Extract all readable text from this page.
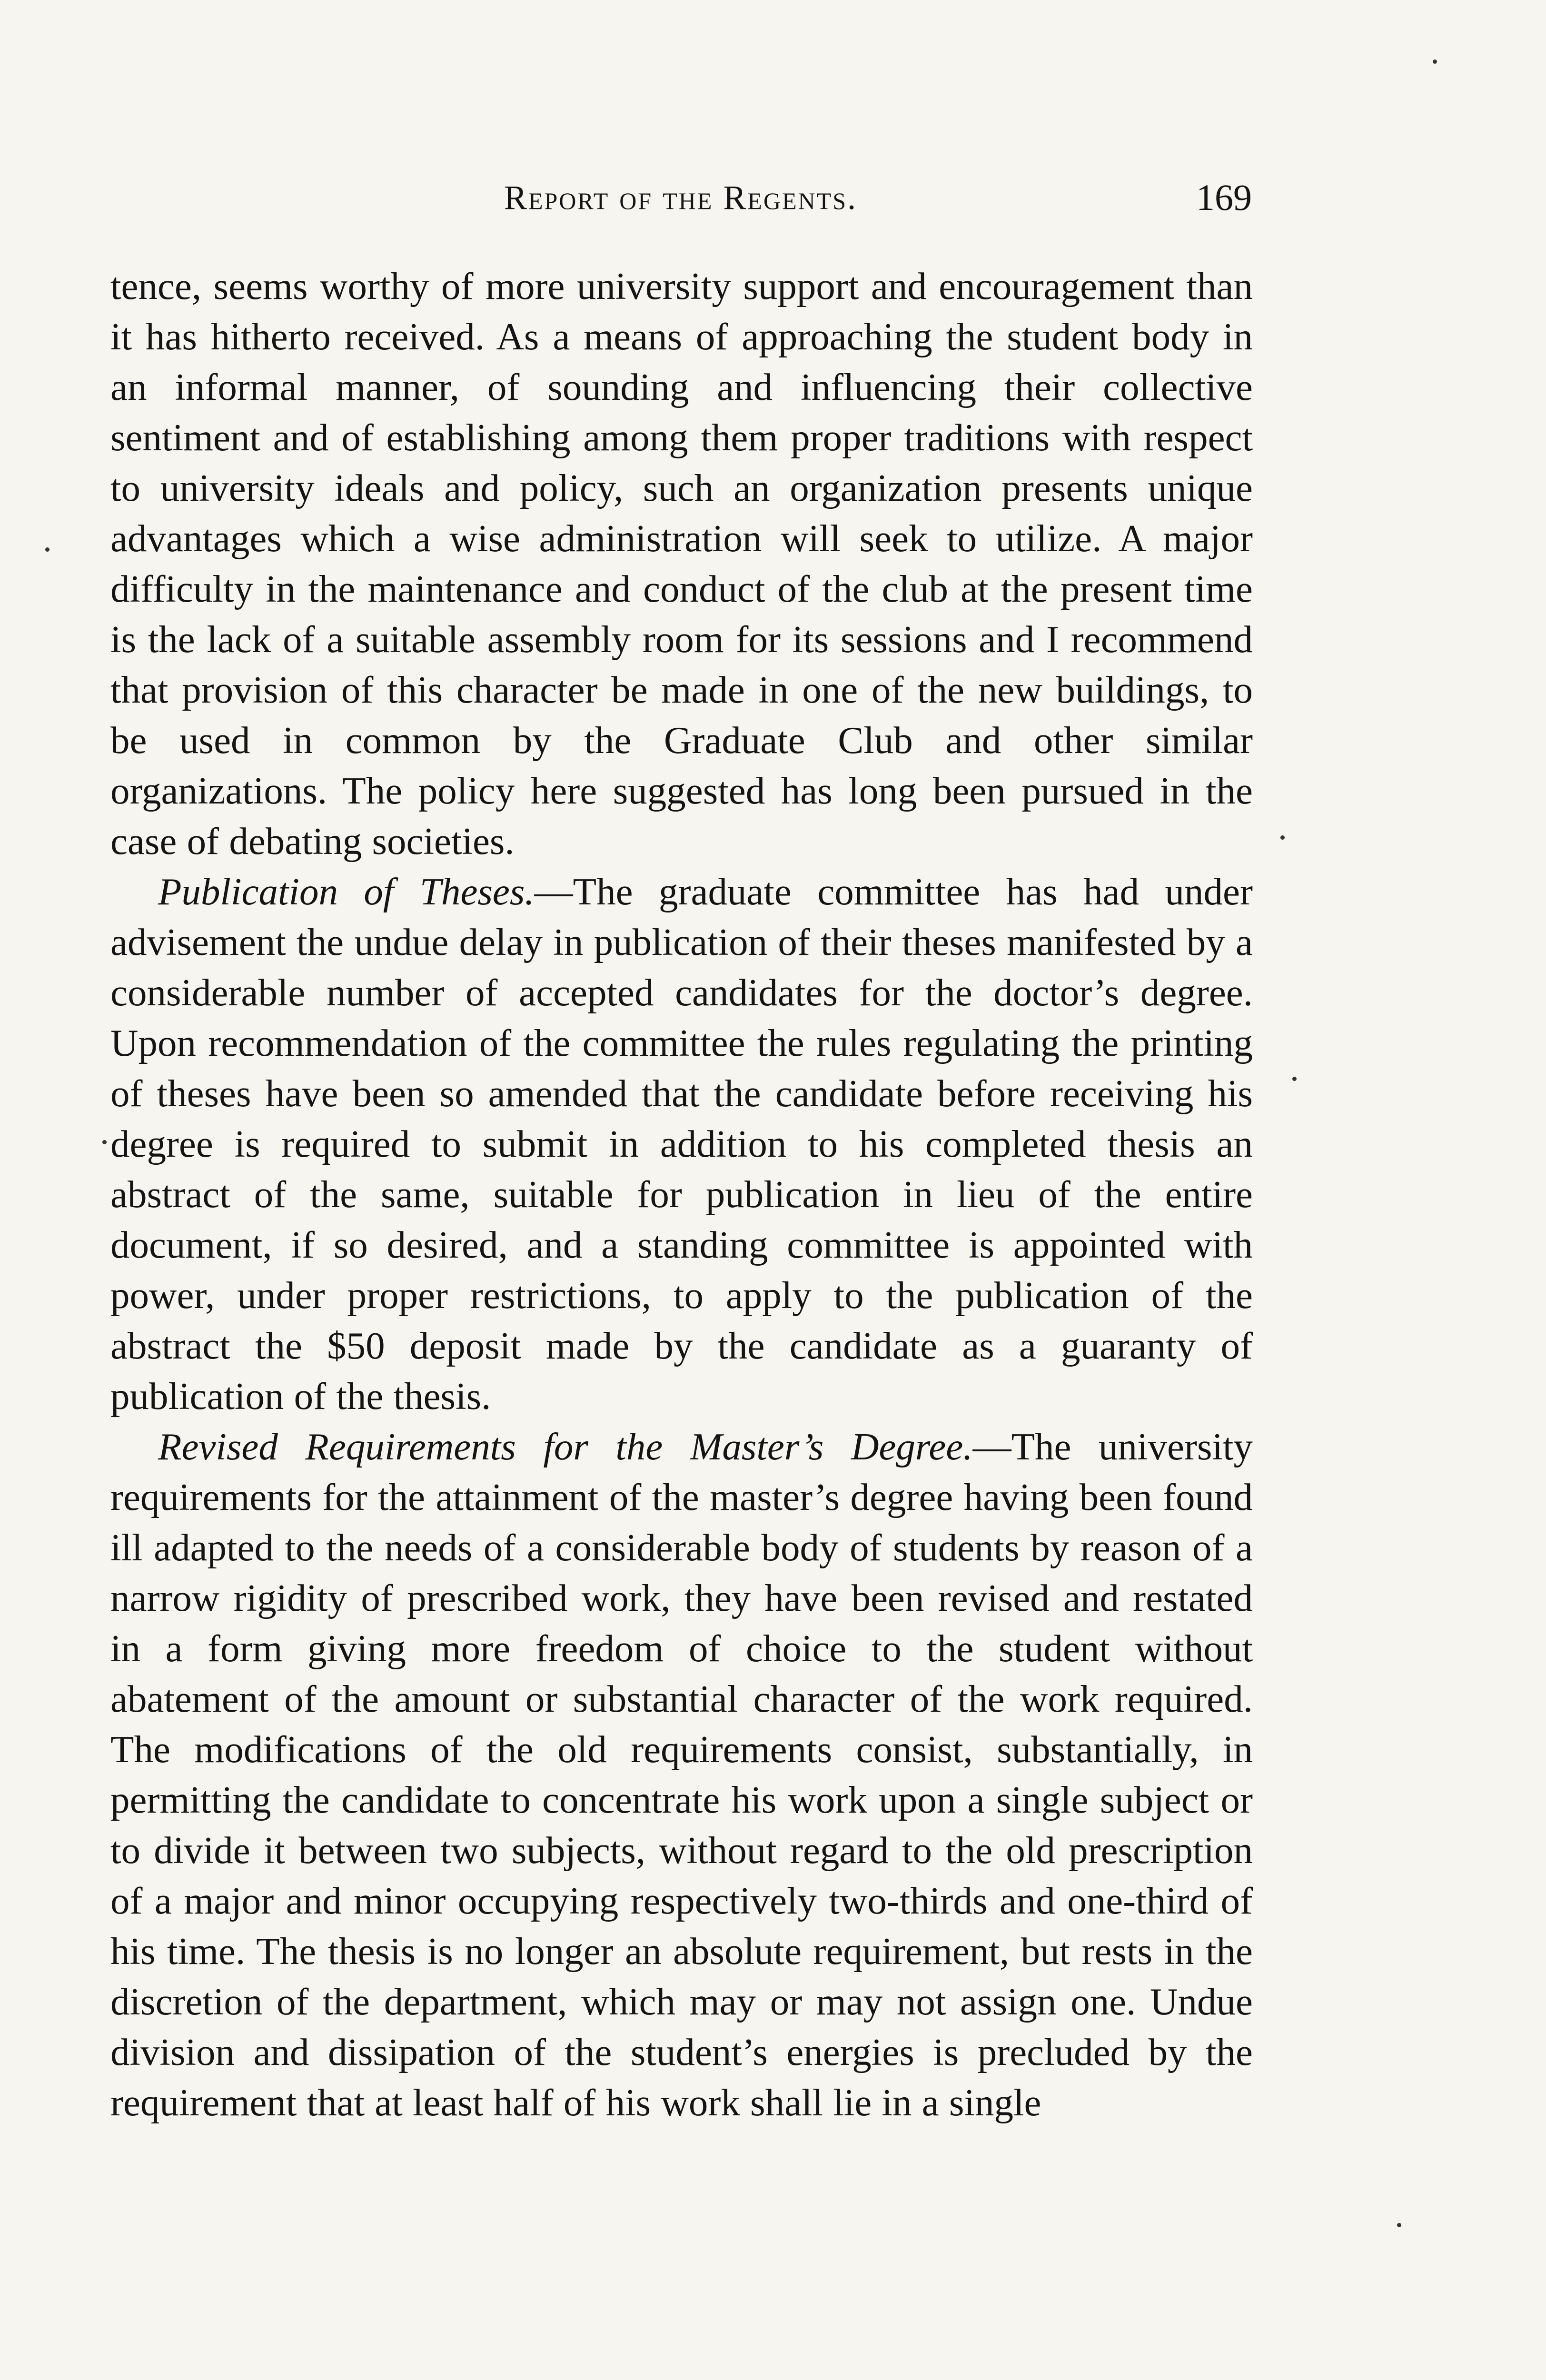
Report of the Regents.	169

tence, seems worthy of more university support and encouragement than it has hitherto received. As a means of approaching the student body in an informal manner, of sounding and influencing their collective sentiment and of establishing among them proper traditions with respect to university ideals and policy, such an organization presents unique advantages which a wise administration will seek to utilize. A major difficulty in the maintenance and conduct of the club at the present time is the lack of a suitable assembly room for its sessions and I recommend that provision of this character be made in one of the new buildings, to be used in common by the Graduate Club and other similar organizations. The policy here suggested has long been pursued in the case of debating societies.

Publication of Theses.—The graduate committee has had under advisement the undue delay in publication of their theses manifested by a considerable number of accepted candidates for the doctor’s degree. Upon recommendation of the committee the rules regulating the printing of theses have been so amended that the candidate before receiving his degree is required to submit in addition to his completed thesis an abstract of the same, suitable for publication in lieu of the entire document, if so desired, and a standing committee is appointed with power, under proper restrictions, to apply to the publication of the abstract the $50 deposit made by the candidate as a guaranty of publication of the thesis.

Revised Requirements for the Master’s Degree.—The university requirements for the attainment of the master’s degree having been found ill adapted to the needs of a considerable body of students by reason of a narrow rigidity of prescribed work, they have been revised and restated in a form giving more freedom of choice to the student without abatement of the amount or substantial character of the work required. The modifications of the old requirements consist, substantially, in permitting the candidate to concentrate his work upon a single subject or to divide it between two subjects, without regard to the old prescription of a major and minor occupying respectively two-thirds and one-third of his time. The thesis is no longer an absolute requirement, but rests in the discretion of the department, which may or may not assign one. Undue division and dissipation of the student’s energies is precluded by the requirement that at least half of his work shall lie in a single
